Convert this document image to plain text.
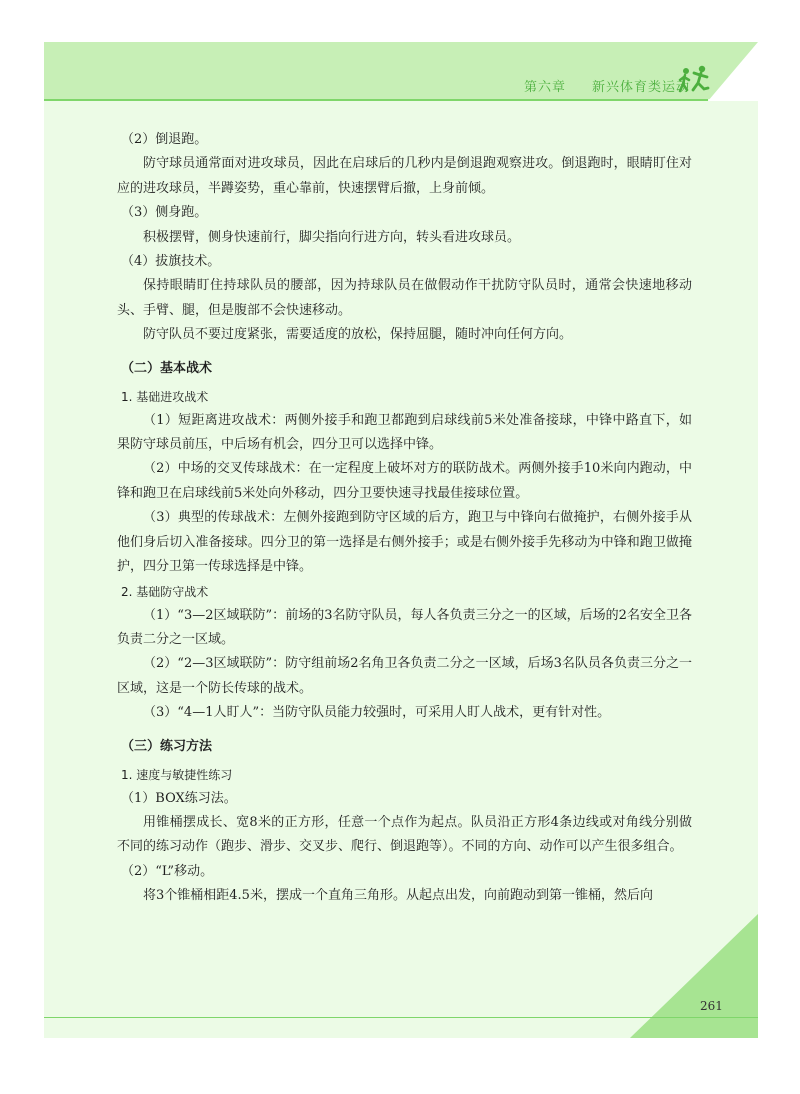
第六章 新兴体育类运动

（2）倒退跑。

防守球员通常面对进攻球员，因此在启球后的几秒内是倒退跑观察进攻。倒退跑时，眼睛盯住对应的进攻球员，半蹲姿势，重心靠前，快速摆臂后撤，上身前倾。

（3）侧身跑。

积极摆臂，侧身快速前行，脚尖指向行进方向，转头看进攻球员。

（4）拔旗技术。

保持眼睛盯住持球队员的腰部，因为持球队员在做假动作干扰防守队员时，通常会快速地移动头、手臂、腿，但是腹部不会快速移动。

防守队员不要过度紧张，需要适度的放松，保持屈腿，随时冲向任何方向。

（二）基本战术
1. 基础进攻战术

（1）短距离进攻战术：两侧外接手和跑卫都跑到启球线前5米处准备接球，中锋中路直下，如果防守球员前压，中后场有机会，四分卫可以选择中锋。

（2）中场的交叉传球战术：在一定程度上破坏对方的联防战术。两侧外接手10米向内跑动，中锋和跑卫在启球线前5米处向外移动，四分卫要快速寻找最佳接球位置。

（3）典型的传球战术：左侧外接跑到防守区域的后方，跑卫与中锋向右做掩护，右侧外接手从他们身后切入准备接球。四分卫的第一选择是右侧外接手；或是右侧外接手先移动为中锋和跑卫做掩护，四分卫第一传球选择是中锋。

2. 基础防守战术

（1）“3—2区域联防”：前场的3名防守队员，每人各负责三分之一的区域，后场的2名安全卫各负责二分之一区域。

（2）“2—3区域联防”：防守组前场2名角卫各负责二分之一区域，后场3名队员各负责三分之一区域，这是一个防长传球的战术。

（3）“4—1人盯人”：当防守队员能力较强时，可采用人盯人战术，更有针对性。

（三）练习方法
1. 速度与敏捷性练习

（1）BOX练习法。

用锥桶摆成长、宽8米的正方形，任意一个点作为起点。队员沿正方形4条边线或对角线分别做不同的练习动作（跑步、滑步、交叉步、爬行、倒退跑等）。不同的方向、动作可以产生很多组合。

（2）“L”移动。

将3个锥桶相距4.5米，摆成一个直角三角形。从起点出发，向前跑动到第一锥桶，然后向

261
